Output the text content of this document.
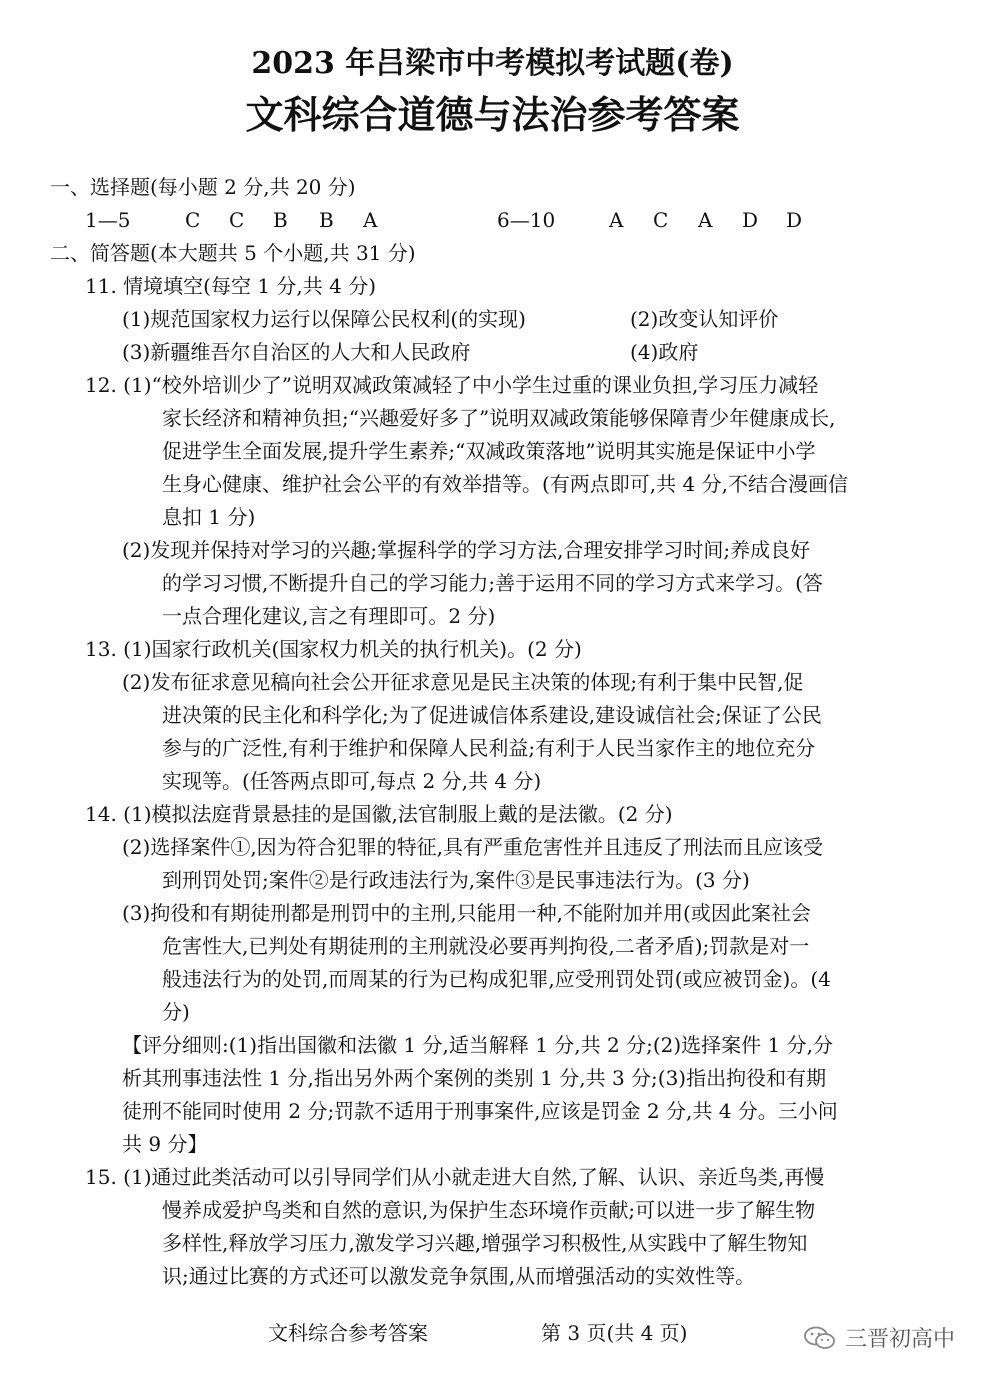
2023 年吕梁市中考模拟考试题(卷)
文科综合道德与法治参考答案
一、选择题(每小题 2 分,共 20 分)
1—5	C C B B A	6—10	A C A D D
二、简答题(本大题共 5 个小题,共 31 分)
11. 情境填空(每空 1 分,共 4 分)
(1)规范国家权力运行以保障公民权利(的实现)	(2)改变认知评价
(3)新疆维吾尔自治区的人大和人民政府	(4)政府
12. (1)“校外培训少了”说明双减政策减轻了中小学生过重的课业负担,学习压力减轻
家长经济和精神负担;“兴趣爱好多了”说明双减政策能够保障青少年健康成长,
促进学生全面发展,提升学生素养;“双减政策落地”说明其实施是保证中小学
生身心健康、维护社会公平的有效举措等。(有两点即可,共 4 分,不结合漫画信
息扣 1 分)
(2)发现并保持对学习的兴趣;掌握科学的学习方法,合理安排学习时间;养成良好
的学习习惯,不断提升自己的学习能力;善于运用不同的学习方式来学习。(答
一点合理化建议,言之有理即可。2 分)
13. (1)国家行政机关(国家权力机关的执行机关)。(2 分)
(2)发布征求意见稿向社会公开征求意见是民主决策的体现;有利于集中民智,促
进决策的民主化和科学化;为了促进诚信体系建设,建设诚信社会;保证了公民
参与的广泛性,有利于维护和保障人民利益;有利于人民当家作主的地位充分
实现等。(任答两点即可,每点 2 分,共 4 分)
14. (1)模拟法庭背景悬挂的是国徽,法官制服上戴的是法徽。(2 分)
(2)选择案件①,因为符合犯罪的特征,具有严重危害性并且违反了刑法而且应该受
到刑罚处罚;案件②是行政违法行为,案件③是民事违法行为。(3 分)
(3)拘役和有期徒刑都是刑罚中的主刑,只能用一种,不能附加并用(或因此案社会
危害性大,已判处有期徒刑的主刑就没必要再判拘役,二者矛盾);罚款是对一
般违法行为的处罚,而周某的行为已构成犯罪,应受刑罚处罚(或应被罚金)。(4
分)
【评分细则:(1)指出国徽和法徽 1 分,适当解释 1 分,共 2 分;(2)选择案件 1 分,分
析其刑事违法性 1 分,指出另外两个案例的类别 1 分,共 3 分;(3)指出拘役和有期
徒刑不能同时使用 2 分;罚款不适用于刑事案件,应该是罚金 2 分,共 4 分。三小问
共 9 分】
15. (1)通过此类活动可以引导同学们从小就走进大自然,了解、认识、亲近鸟类,再慢
慢养成爱护鸟类和自然的意识,为保护生态环境作贡献;可以进一步了解生物
多样性,释放学习压力,激发学习兴趣,增强学习积极性,从实践中了解生物知
识;通过比赛的方式还可以激发竞争氛围,从而增强活动的实效性等。
文科综合参考答案	第 3 页(共 4 页)	三晋初高中
